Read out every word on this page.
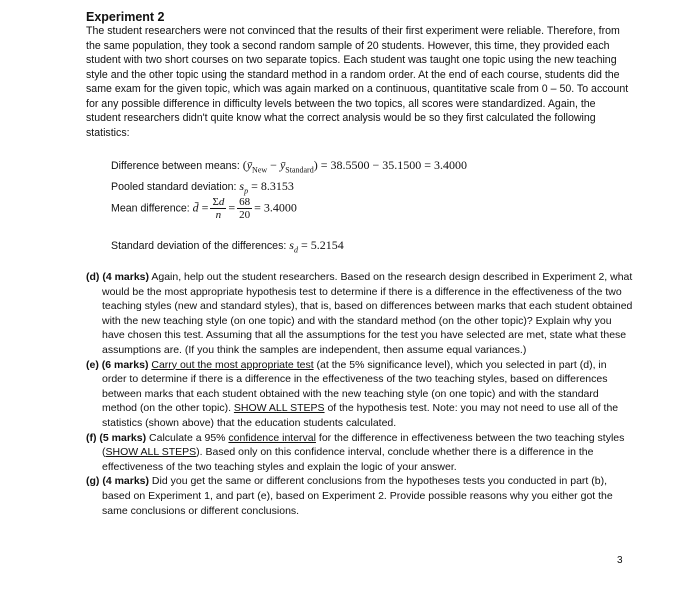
Experiment 2
The student researchers were not convinced that the results of their first experiment were reliable. Therefore, from the same population, they took a second random sample of 20 students. However, this time, they provided each student with two short courses on two separate topics. Each student was taught one topic using the new teaching style and the other topic using the standard method in a random order. At the end of each course, students did the same exam for the given topic, which was again marked on a continuous, quantitative scale from 0 – 50. To account for any possible difference in difficulty levels between the two topics, all scores were standardized. Again, the student researchers didn't quite know what the correct analysis would be so they first calculated the following statistics:
Difference between means: ($ȳ_{New}$ − $ȳ_{Standard}) = 38.5500 - 35.1500 = 3.4000$
Pooled standard deviation: $s_p = 8.3153$
Mean difference: d̄ = $\frac{\Sigma d}{n} = \frac{68}{20} = 3.4000$
Standard deviation of the differences: $s_d = 5.2154$

(d) (4 marks) Again, help out the student researchers. Based on the research design described in Experiment 2, what would be the most appropriate hypothesis test to determine if there is a difference in the effectiveness of the two teaching styles (new and standard styles), that is, based on differences between marks that each student obtained with the new teaching style (on one topic) and with the standard method (on the other topic)? Explain why you have chosen this test. Assuming that all the assumptions for the test you have selected are met, state what these assumptions are. (If you think the samples are independent, then assume equal variances.)

(e) (6 marks) Carry out the most appropriate test (at the 5% significance level), which you selected in part (d), in order to determine if there is a difference in the effectiveness of the two teaching styles, based on differences between marks that each student obtained with the new teaching style (on one topic) and with the standard method (on the other topic). SHOW ALL STEPS of the hypothesis test. Note: you may not need to use all of the statistics (shown above) that the education students calculated.

(f) (5 marks) Calculate a 95% confidence interval for the difference in effectiveness between the two teaching styles (SHOW ALL STEPS). Based only on this confidence interval, conclude whether there is a difference in the effectiveness of the two teaching styles and explain the logic of your answer.

(g) (4 marks) Did you get the same or different conclusions from the hypotheses tests you conducted in part (b), based on Experiment 1, and part (e), based on Experiment 2. Provide possible reasons why you either got the same conclusions or different conclusions.

3
